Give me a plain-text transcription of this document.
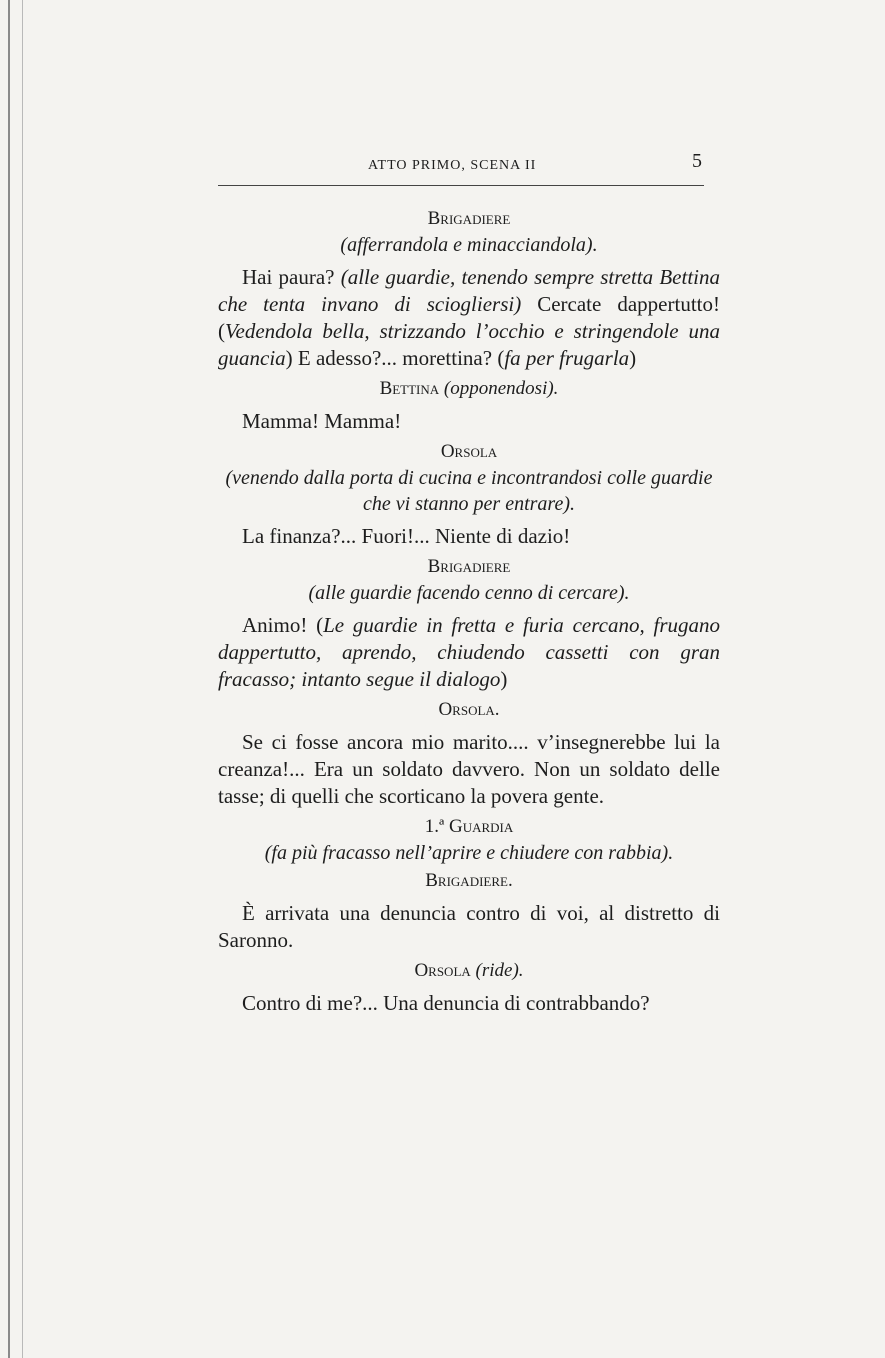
ATTO PRIMO, SCENA II	5
Brigadiere
(afferrandola e minacciandola).

Hai paura? (alle guardie, tenendo sempre stretta Bettina che tenta invano di sciogliersi) Cercate dappertutto! (Vedendola bella, strizzando l’occhio e stringendole una guancia) E adesso?... morettina? (fa per frugarla)

Bettina (opponendosi).

Mamma! Mamma!

Orsola
(venendo dalla porta di cucina e incontrandosi colle guardie che vi stanno per entrare).

La finanza?... Fuori!... Niente di dazio!

Brigadiere
(alle guardie facendo cenno di cercare).

Animo! (Le guardie in fretta e furia cercano, frugano dappertutto, aprendo, chiudendo cassetti con gran fracasso; intanto segue il dialogo)

Orsola.

Se ci fosse ancora mio marito.... v’insegnerebbe lui la creanza!... Era un soldato davvero. Non un soldato delle tasse; di quelli che scorticano la povera gente.

1.ª Guardia
(fa più fracasso nell’aprire e chiudere con rabbia).
Brigadiere.

È arrivata una denuncia contro di voi, al distretto di Saronno.

Orsola (ride).

Contro di me?... Una denuncia di contrabbando?
